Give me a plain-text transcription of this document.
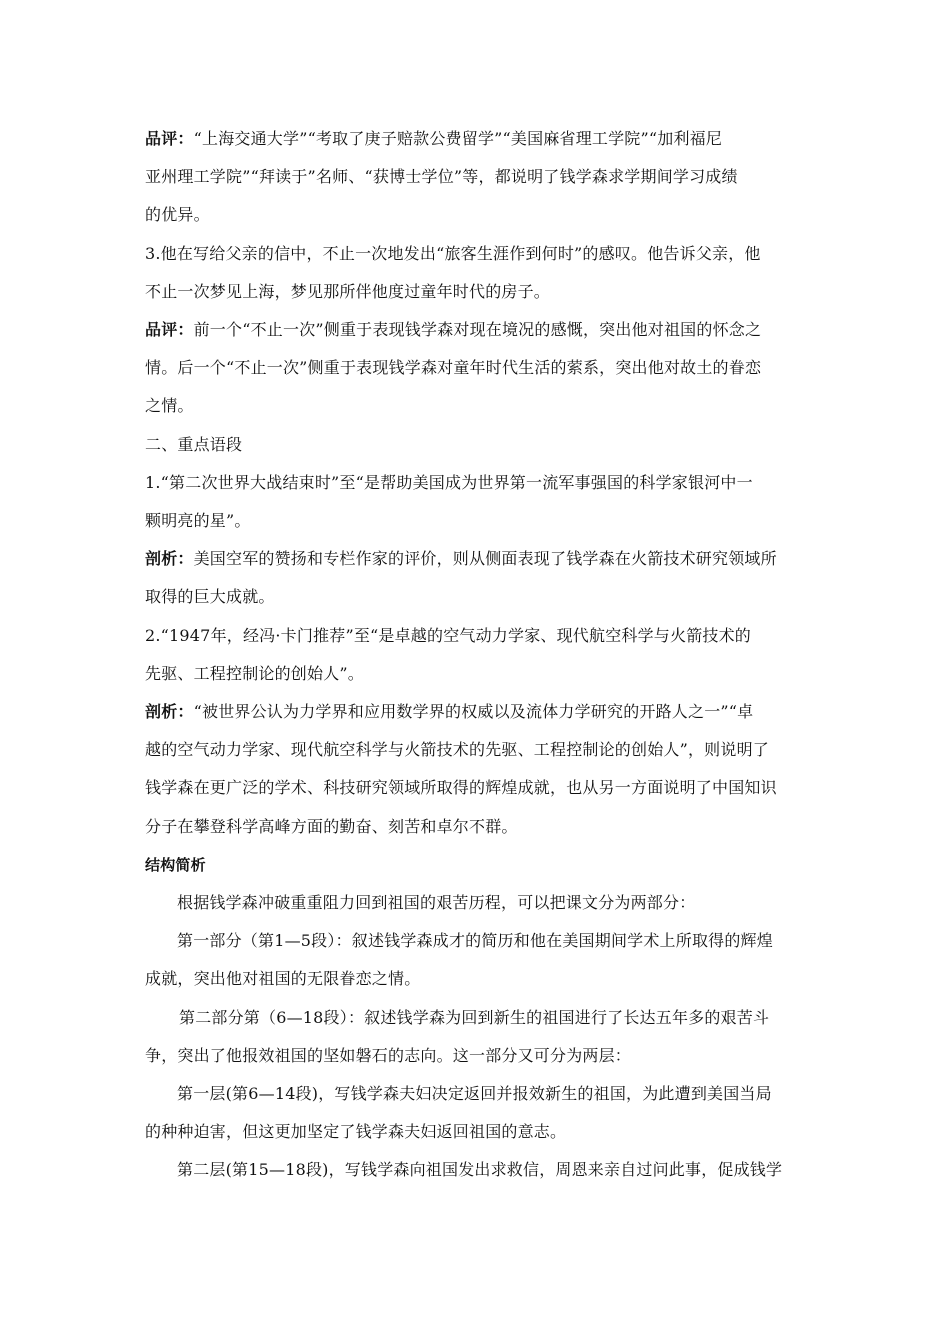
品评：“上海交通大学”“考取了庚子赔款公费留学”“美国麻省理工学院”“加利福尼
亚州理工学院”“拜读于”名师、“获博士学位”等，都说明了钱学森求学期间学习成绩
的优异。
3.他在写给父亲的信中，不止一次地发出“旅客生涯作到何时”的感叹。他告诉父亲，他
不止一次梦见上海，梦见那所伴他度过童年时代的房子。
品评：前一个“不止一次”侧重于表现钱学森对现在境况的感慨，突出他对祖国的怀念之
情。后一个“不止一次”侧重于表现钱学森对童年时代生活的萦系，突出他对故土的眷恋
之情。
二、重点语段
1.“第二次世界大战结束时”至“是帮助美国成为世界第一流军事强国的科学家银河中一
颗明亮的星”。
剖析：美国空军的赞扬和专栏作家的评价，则从侧面表现了钱学森在火箭技术研究领域所
取得的巨大成就。
2.“1947年，经冯·卡门推荐”至“是卓越的空气动力学家、现代航空科学与火箭技术的
先驱、工程控制论的创始人”。
剖析：“被世界公认为力学界和应用数学界的权威以及流体力学研究的开路人之一”“卓
越的空气动力学家、现代航空科学与火箭技术的先驱、工程控制论的创始人”，则说明了
钱学森在更广泛的学术、科技研究领域所取得的辉煌成就，也从另一方面说明了中国知识
分子在攀登科学高峰方面的勤奋、刻苦和卓尔不群。
结构简析
根据钱学森冲破重重阻力回到祖国的艰苦历程，可以把课文分为两部分：
第一部分（第1—5段）：叙述钱学森成才的简历和他在美国期间学术上所取得的辉煌
成就，突出他对祖国的无限眷恋之情。
第二部分第（6—18段）：叙述钱学森为回到新生的祖国进行了长达五年多的艰苦斗
争，突出了他报效祖国的坚如磐石的志向。这一部分又可分为两层：
第一层(第6—14段)，写钱学森夫妇决定返回并报效新生的祖国，为此遭到美国当局
的种种迫害，但这更加坚定了钱学森夫妇返回祖国的意志。
第二层(第15—18段)，写钱学森向祖国发出求救信，周恩来亲自过问此事，促成钱学
